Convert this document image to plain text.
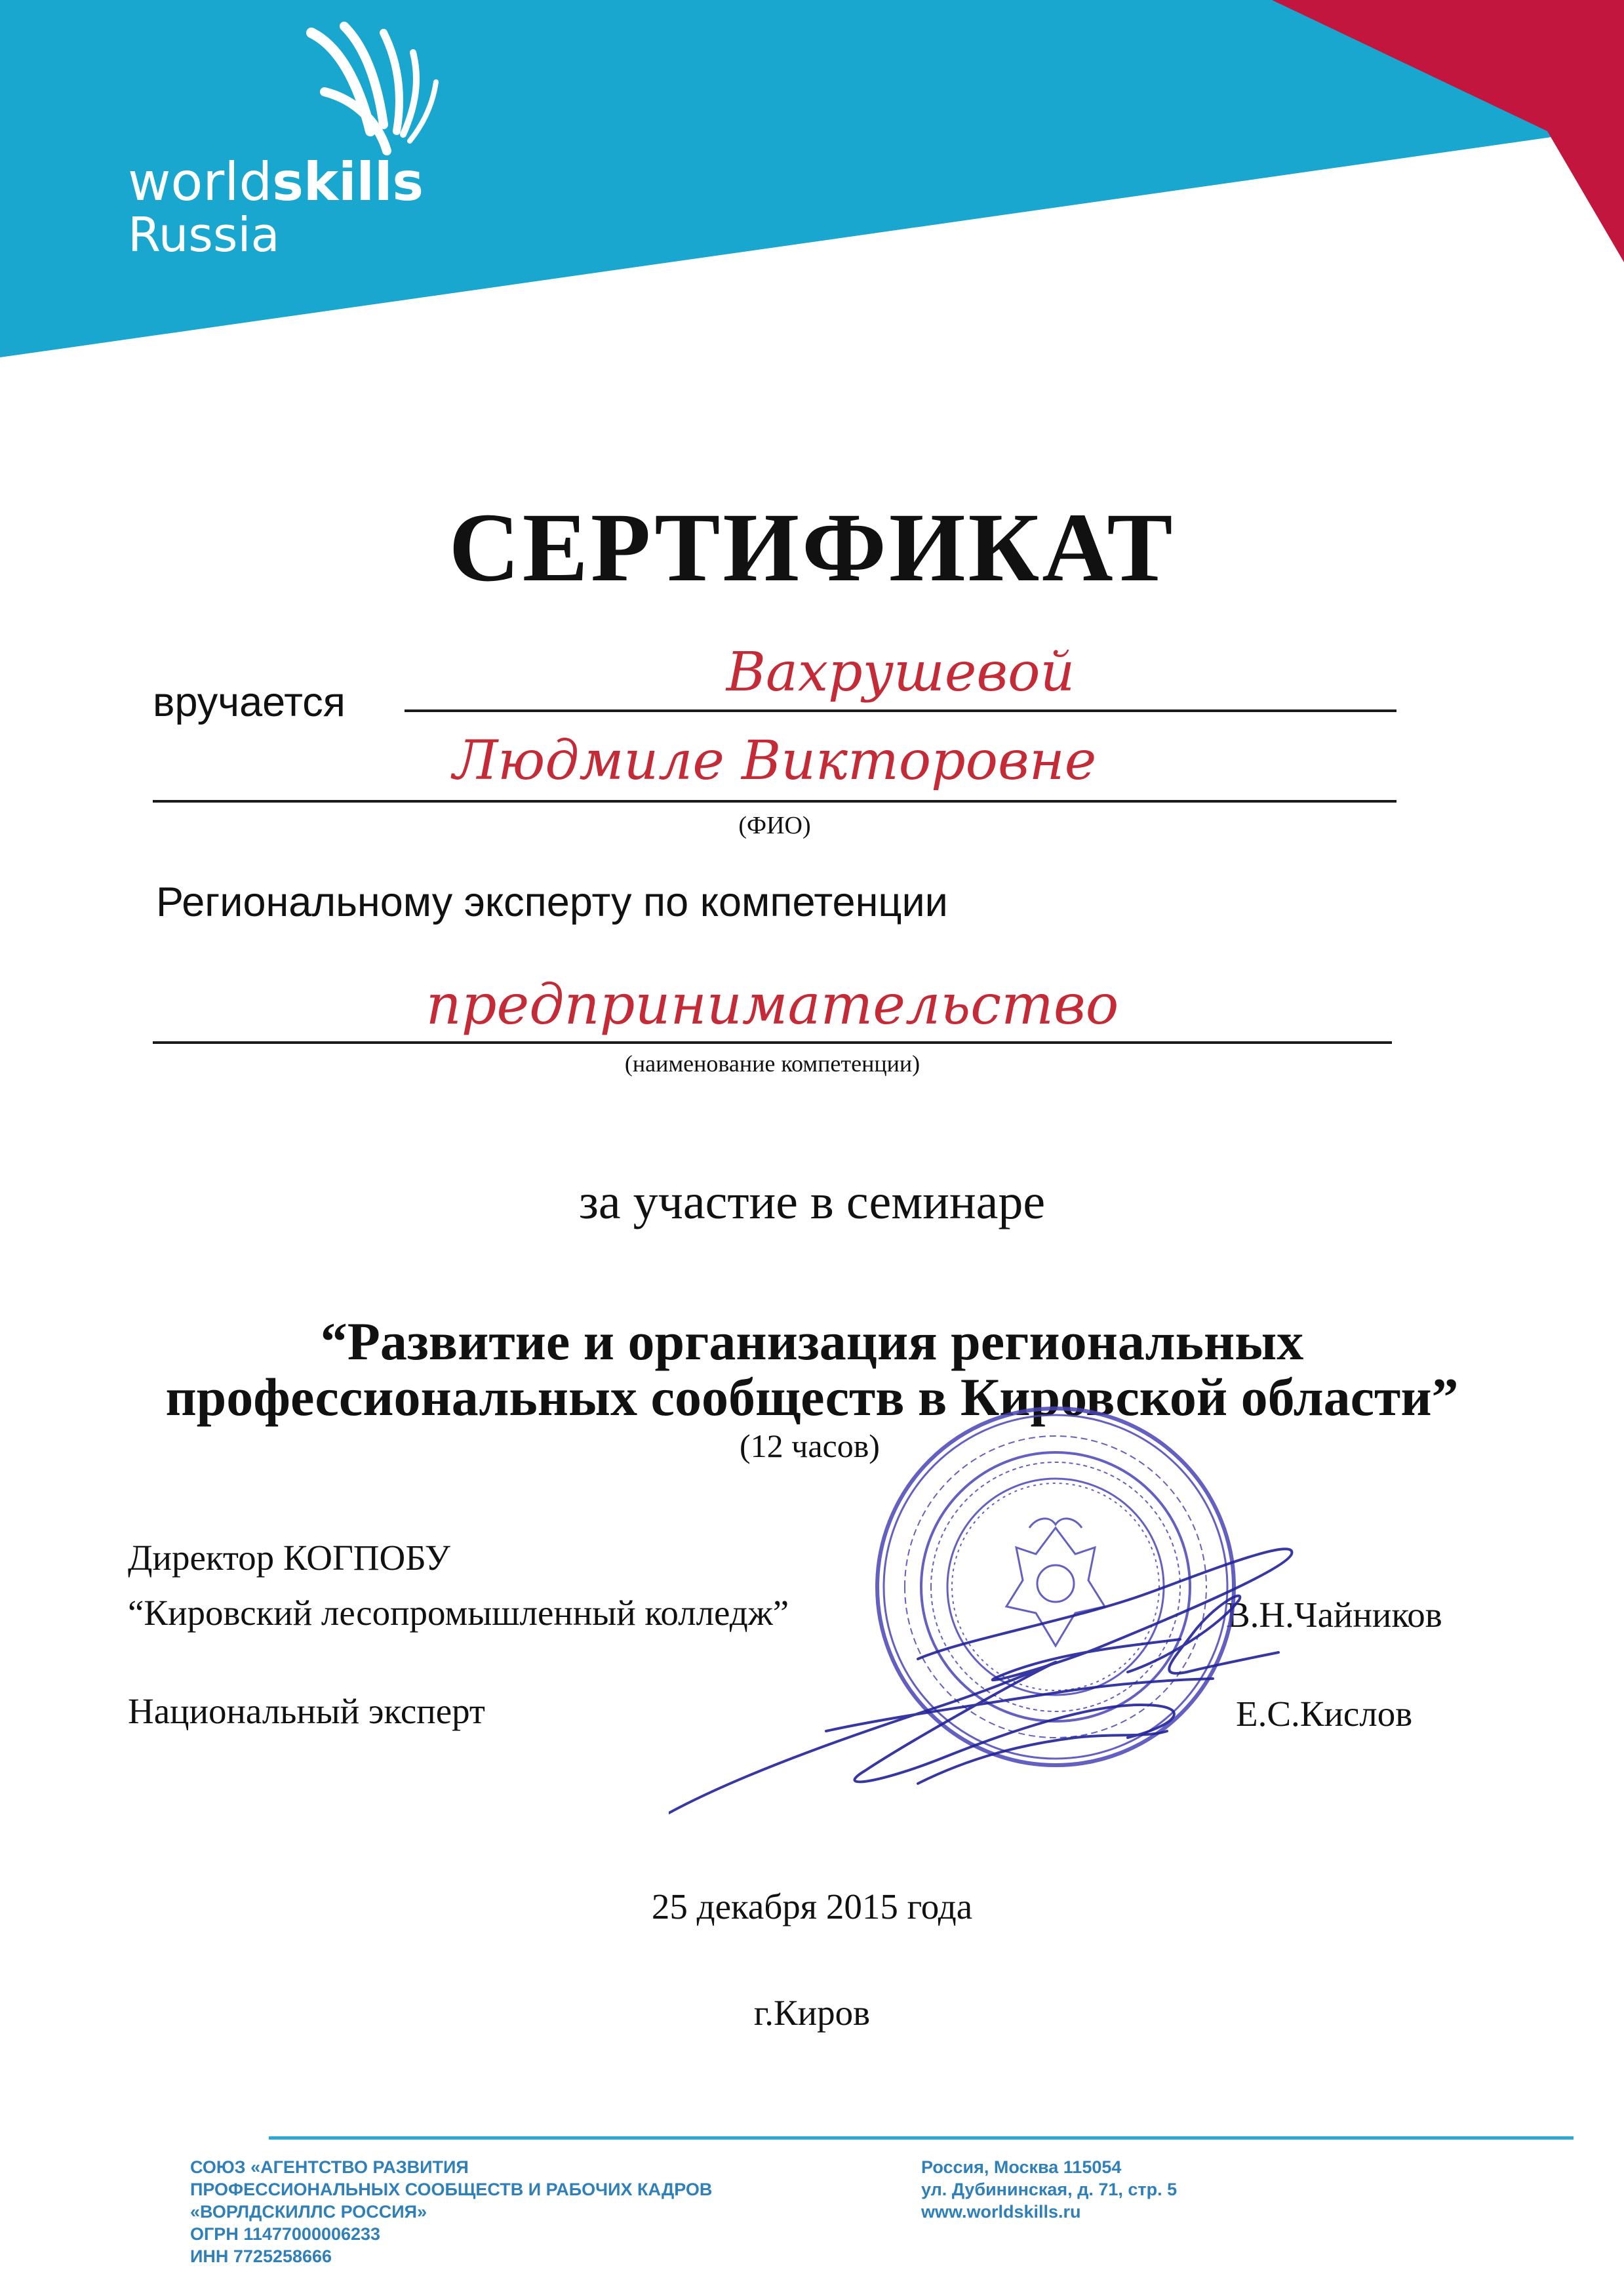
worldskills
Russia
СЕРТИФИКАТ
вручается	Вахрушевой
Людмиле Викторовне
(ФИО)
Региональному эксперту по компетенции
предпринимательство
(наименование компетенции)
за участие в семинаре
“Развитие и организация региональных
профессиональных сообществ в Кировской области”
(12 часов)
Директор КОГПОБУ
“Кировский лесопромышленный колледж”	В.Н.Чайников
Национальный эксперт	Е.С.Кислов
25 декабря 2015 года
г.Киров
СОЮЗ «АГЕНТСТВО РАЗВИТИЯ
ПРОФЕССИОНАЛЬНЫХ СООБЩЕСТВ И РАБОЧИХ КАДРОВ
«ВОРЛДСКИЛЛС РОССИЯ»
ОГРН 11477000006233
ИНН 7725258666
Россия, Москва 115054
ул. Дубининская, д. 71, стр. 5
www.worldskills.ru
